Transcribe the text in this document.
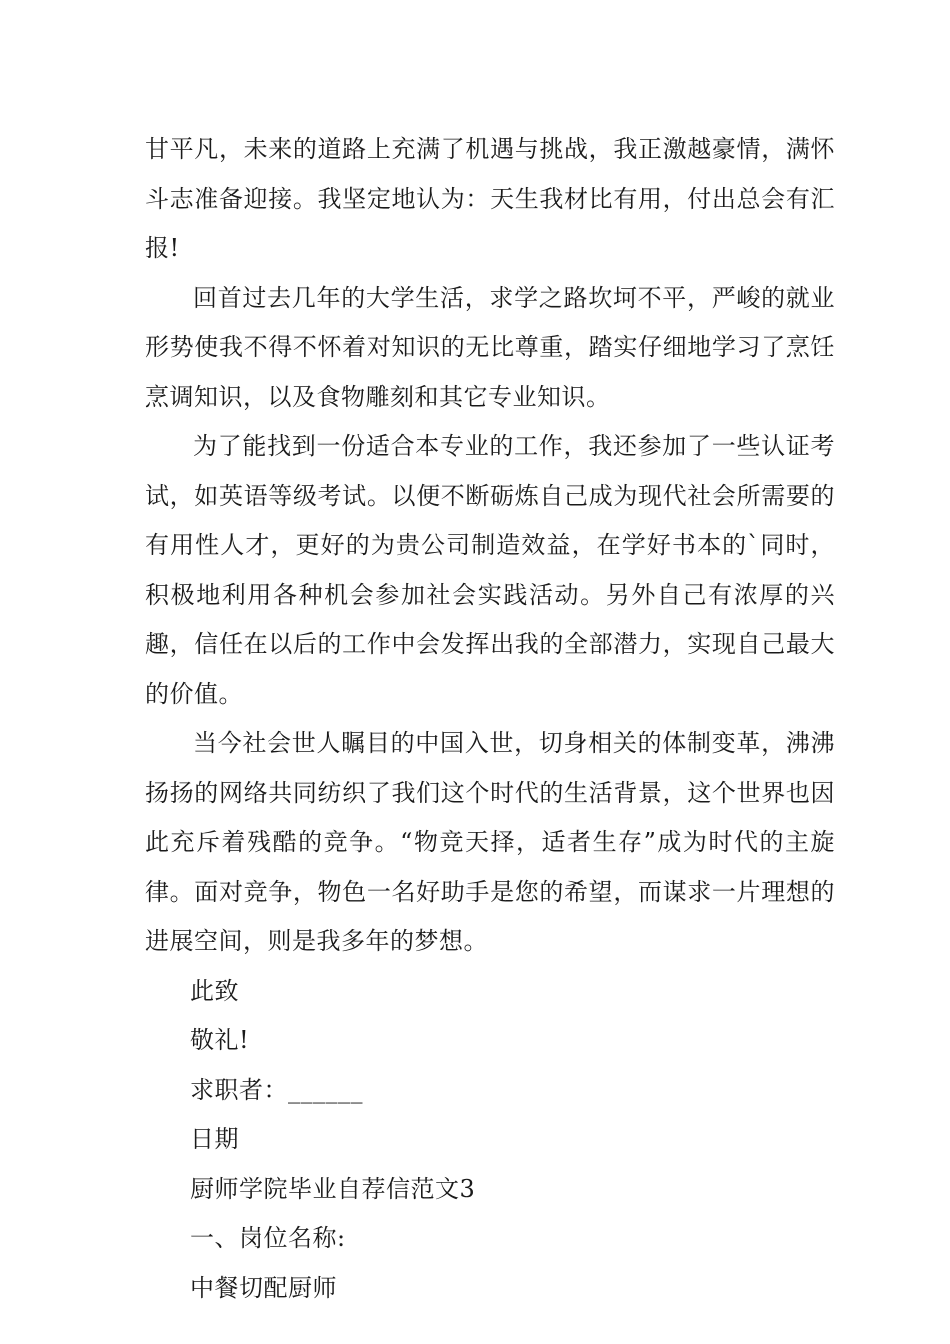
甘平凡，未来的道路上充满了机遇与挑战，我正激越豪情，满怀斗志准备迎接。我坚定地认为：天生我材比有用，付出总会有汇报!

回首过去几年的大学生活，求学之路坎坷不平，严峻的就业形势使我不得不怀着对知识的无比尊重，踏实仔细地学习了烹饪烹调知识，以及食物雕刻和其它专业知识。

为了能找到一份适合本专业的工作，我还参加了一些认证考试，如英语等级考试。以便不断砺炼自己成为现代社会所需要的有用性人才，更好的为贵公司制造效益，在学好书本的`同时，积极地利用各种机会参加社会实践活动。另外自己有浓厚的兴趣，信任在以后的工作中会发挥出我的全部潜力，实现自己最大的价值。

当今社会世人瞩目的中国入世，切身相关的体制变革，沸沸扬扬的网络共同纺织了我们这个时代的生活背景，这个世界也因此充斥着残酷的竞争。“物竞天择，适者生存”成为时代的主旋律。面对竞争，物色一名好助手是您的希望，而谋求一片理想的进展空间，则是我多年的梦想。

此致

敬礼!

求职者：______

日期

厨师学院毕业自荐信范文3

一、岗位名称:

中餐切配厨师
